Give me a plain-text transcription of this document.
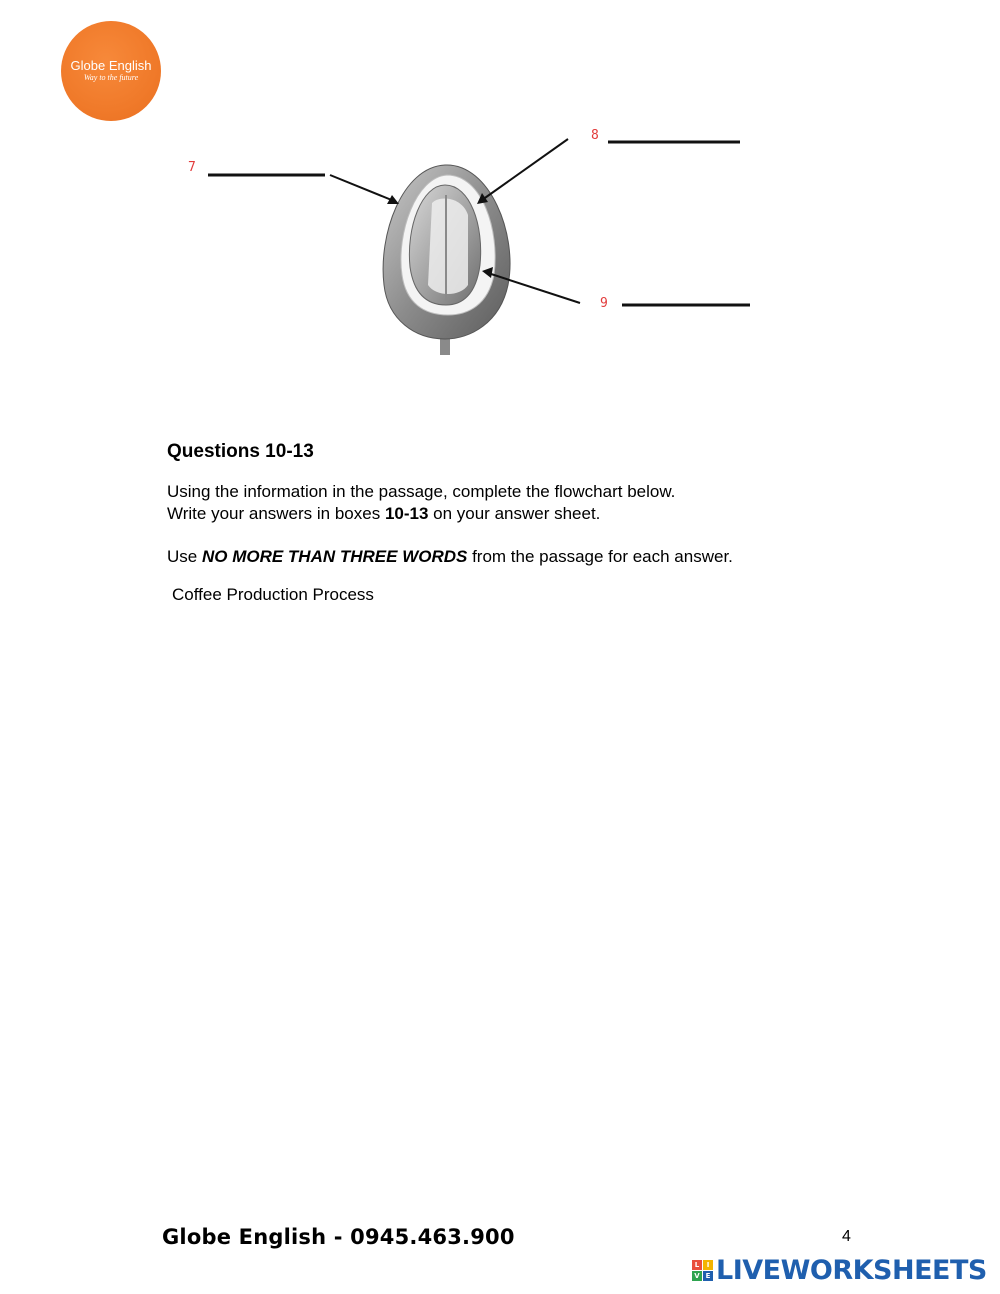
Globe English
Way to the future
7
8
9
Questions 10-13
Using the information in the passage, complete the flowchart below.
Write your answers in boxes 10-13 on your answer sheet.
Use NO MORE THAN THREE WORDS from the passage for each answer.
Coffee Production Process
Globe English - 0945.463.900	4
L	I
V E LIVEWORKSHEETS
